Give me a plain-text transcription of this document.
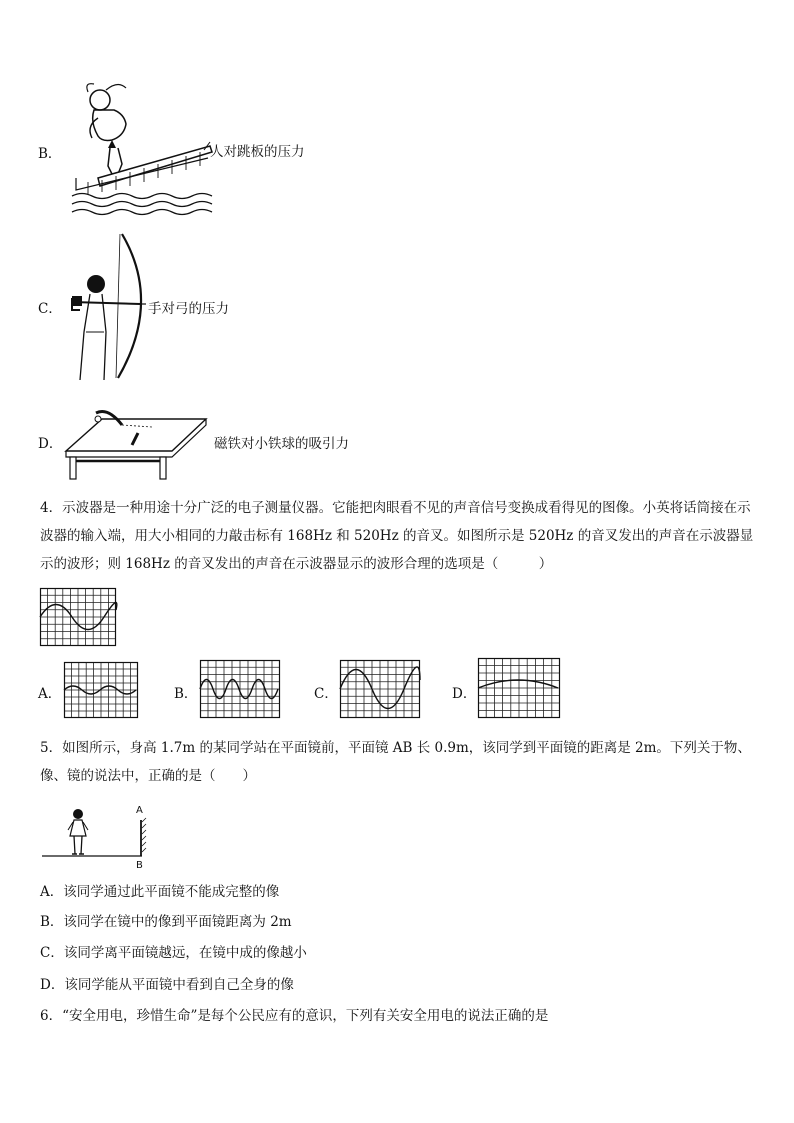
B．	人对跳板的压力
C．	手对弓的压力
D．	磁铁对小铁球的吸引力
4．示波器是一种用途十分广泛的电子测量仪器。它能把肉眼看不见的声音信号变换成看得见的图像。小英将话筒接在示波器的输入端，用大小相同的力敲击标有 168Hz 和 520Hz 的音叉。如图所示是 520Hz 的音叉发出的声音在示波器显示的波形；则 168Hz 的音叉发出的声音在示波器显示的波形合理的选项是（　　　）
A．	B．	C．	D．
5．如图所示，身高 1.7m 的某同学站在平面镜前，平面镜 AB 长 0.9m，该同学到平面镜的距离是 2m。下列关于物、像、镜的说法中，正确的是（　　）
A
B
A．该同学通过此平面镜不能成完整的像
B．该同学在镜中的像到平面镜距离为 2m
C．该同学离平面镜越远，在镜中成的像越小
D．该同学能从平面镜中看到自己全身的像
6．“安全用电，珍惜生命”是每个公民应有的意识，下列有关安全用电的说法正确的是
